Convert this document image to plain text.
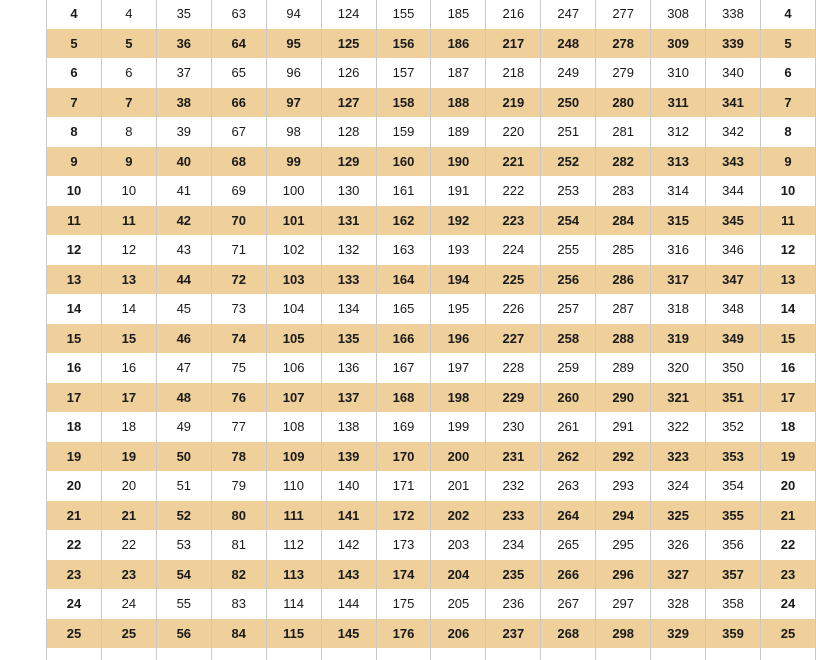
4	4	35	63	94	124	155	185	216	247	277	308	338	4
5	5	36	64	95	125	156	186	217	248	278	309	339	5
6	6	37	65	96	126	157	187	218	249	279	310	340	6
7	7	38	66	97	127	158	188	219	250	280	311	341	7
8	8	39	67	98	128	159	189	220	251	281	312	342	8
9	9	40	68	99	129	160	190	221	252	282	313	343	9
10	10	41	69	100	130	161	191	222	253	283	314	344	10
11	11	42	70	101	131	162	192	223	254	284	315	345	11
12	12	43	71	102	132	163	193	224	255	285	316	346	12
13	13	44	72	103	133	164	194	225	256	286	317	347	13
14	14	45	73	104	134	165	195	226	257	287	318	348	14
15	15	46	74	105	135	166	196	227	258	288	319	349	15
16	16	47	75	106	136	167	197	228	259	289	320	350	16
17	17	48	76	107	137	168	198	229	260	290	321	351	17
18	18	49	77	108	138	169	199	230	261	291	322	352	18
19	19	50	78	109	139	170	200	231	262	292	323	353	19
20	20	51	79	110	140	171	201	232	263	293	324	354	20
21	21	52	80	111	141	172	202	233	264	294	325	355	21
22	22	53	81	112	142	173	203	234	265	295	326	356	22
23	23	54	82	113	143	174	204	235	266	296	327	357	23
24	24	55	83	114	144	175	205	236	267	297	328	358	24
25	25	56	84	115	145	176	206	237	268	298	329	359	25
